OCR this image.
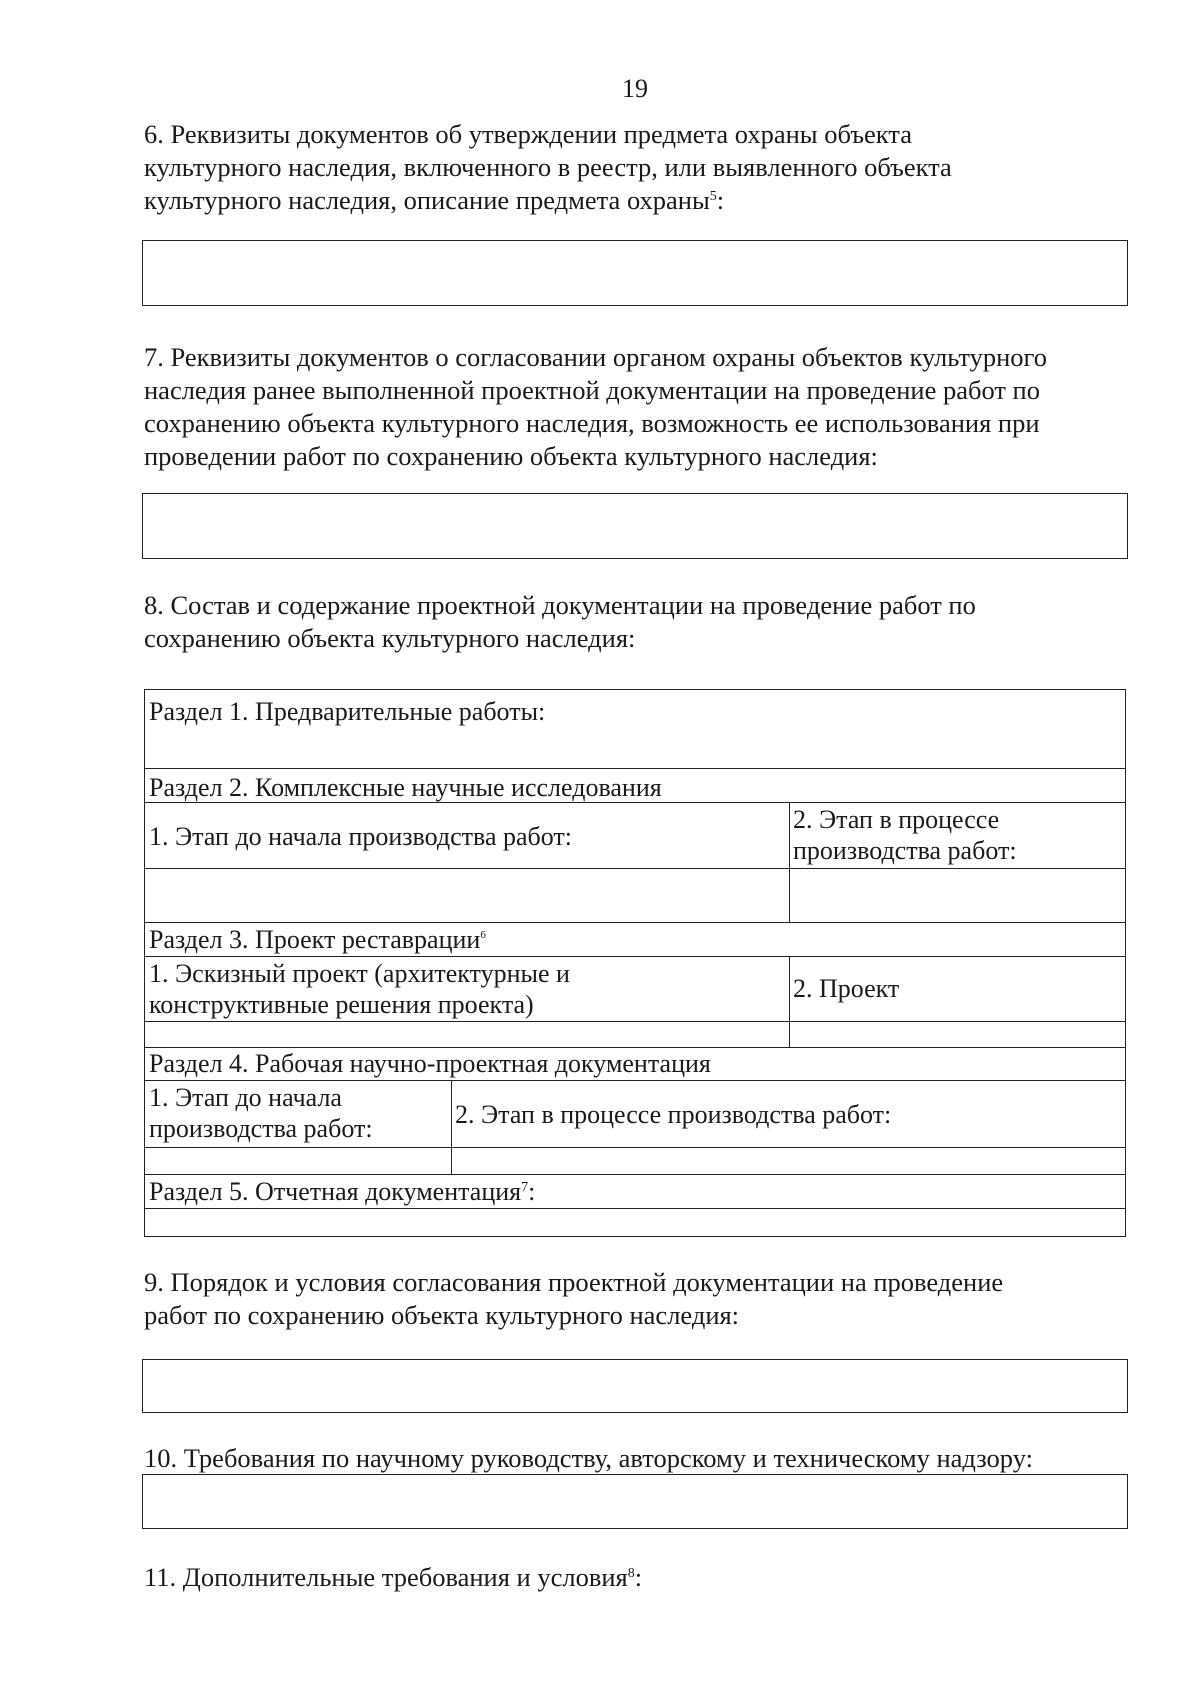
19
6. Реквизиты документов об утверждении предмета охраны объекта
культурного наследия, включенного в реестр, или выявленного объекта
культурного наследия, описание предмета охраны$^5$:
7. Реквизиты документов о согласовании органом охраны объектов культурного
наследия ранее выполненной проектной документации на проведение работ по
сохранению объекта культурного наследия, возможность ее использования при
проведении работ по сохранению объекта культурного наследия:
8. Состав и содержание проектной документации на проведение работ по
сохранению объекта культурного наследия:
Раздел 1. Предварительные работы:
Раздел 2. Комплексные научные исследования
1. Этап до начала производства работ:
2. Этап в процессе
производства работ:
Раздел 3. Проект реставрации$^6$
1. Эскизный проект (архитектурные и
конструктивные решения проекта)
2. Проект
Раздел 4. Рабочая научно-проектная документация
1. Этап до начала
производства работ:	2. Этап в процессе производства работ:
Раздел 5. Отчетная документация$^7$:
9. Порядок и условия согласования проектной документации на проведение
работ по сохранению объекта культурного наследия:
10. Требования по научному руководству, авторскому и техническому надзору:
11. Дополнительные требования и условия$^8$:
